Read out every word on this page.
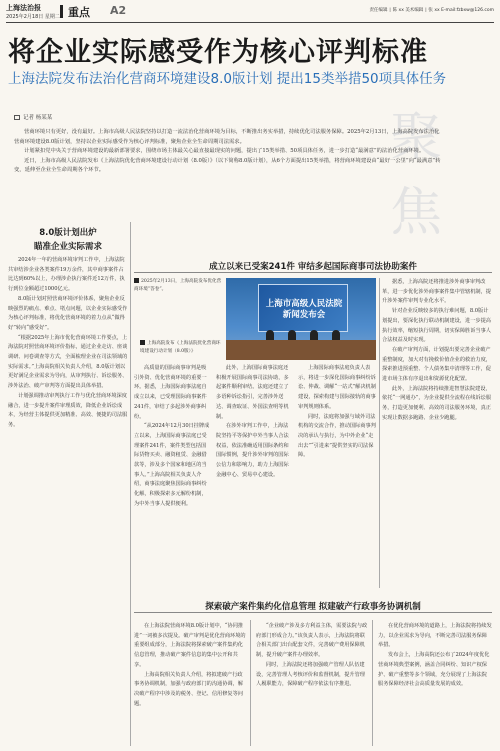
上海法治报
2025年2月18日 星期二 重点 A2	责任编辑 ∣ 陈 xx 美术编辑 ∣ 张 xx E-mail:fzbxw@126.com
将企业实际感受作为核心评判标准
上海法院发布法治化营商环境建设8.0版计划 提出15类举措50项具体任务
聚焦
记者 杨某某

营商环境只有更好，没有最好。上海市高级人民法院坚持以打造一流法治化营商环境为目标，不断推出务实举措，持续优化司法服务保障。2025年2月13日，上海高院发布法治化营商环境建设8.0版计划，坚持以企业实际感受作为核心评判标准，聚焦企业全生命周期司法需求。

计划紧扣党中央关于营商环境建设的最新部署要求，围绕市场主体最关心最直接最现实的问题，提出了15类举措、50项具体任务，进一步打造“最满意”的法治化营商环境。

近日，上海市高级人民法院发布《上海法院优化营商环境建设行动计划（8.0版）》（以下简称8.0版计划），从6个方面提出15类举措，将营商环境建设由“最好一公里”向“最满意”转变，延伸至企业全生命周期各个环节。

8.0版计划出炉
瞄准企业实际需求

2024年一年的营商环境审判工作中，上海法院共审结涉企业各类案件19万余件，其中商事案件占比达到60%以上，办理涉企执行案件近12万件，执行到位金额超过1000亿元。

8.0版计划对照营商环境评价体系，聚焦企业反映强烈的痛点、难点、堵点问题，以企业实际感受作为核心评判标准，将优化营商环境的着力点从“做得好”转向“感受好”。

“根据2025年上海市优化营商环境工作要点，上海法院对照营商环境评价指标，通过企业走访、座谈调研、问卷调查等方式，全面梳理企业在司法领域的实际需求。”上海高院相关负责人介绍，8.0版计划以更好满足企业需求为导向，从审判执行、诉讼服务、涉外法治、破产审判等方面提出具体举措。

计划强调推动审判执行工作与优化营商环境深度融合，进一步提升案件审理质效，降低企业诉讼成本，为经营主体提供更加精准、高效、便捷的司法服务。

成立以来已受案241件 审结多起国际商事司法协助案件
2025年2月13日，上海高院发布优化营商环境“答卷”。
上海市高级人民法院
新闻发布会
上海高院发布《上海法院优化营商环境建设行动计划（8.0版）》

据悉，上海高院还将推进涉外商事审判改革，进一步优化涉外商事案件集中管辖机制，提升涉外案件审判专业化水平。

针对企业反映较多的执行难问题，8.0版计划提出，要深化执行联动机制建设，进一步提高执行效率，缩短执行周期，切实保障胜诉当事人合法权益及时实现。

在破产审判方面，计划提出要完善企业破产重整制度，加大对有挽救价值企业的救治力度，探索推进预重整、个人债务集中清理等工作，促进市场主体有序退出和资源优化配置。

此外，上海法院将持续推进智慧法院建设，依托“一网通办”，为企业提供全流程在线诉讼服务，打造更加便利、高效的司法服务环境，真正实现让数据多跑路、企业少跑腿。

高质量的国际商事审判是吸引外资、优化营商环境的重要一环。据悉，上海国际商事法庭自成立以来，已受理国际商事案件241件，审结了多起涉外商事纠纷。

“从2024年12月30日挂牌成立以来，上海国际商事法庭已受理案件241件，案件类型包括国际货物买卖、融资租赁、金融借款等，涉及多个国家和地区的当事人。”上海高院相关负责人介绍，商事法庭聚焦国际商事纠纷化解，积极探索多元解纷机制，为中外当事人提供便利。

此外，上海国际商事法庭还积极开展国际商事司法协助，多起案件顺利审结。法庭还建立了多语种诉讼指引，完善涉外送达、调查取证、外国法查明等机制。

在涉外审判工作中，上海法院坚持平等保护中外当事人合法权益，依法准确适用国际条约和国际惯例，提升涉外审判的国际公信力和影响力，助力上海国际金融中心、贸易中心建设。

上海国际商事法庭负责人表示，将进一步深化国际商事纠纷诉讼、仲裁、调解“一站式”解决机制建设，探索构建与国际接轨的商事审判规则体系。

同时，法庭将加强与域外司法机构的交流合作，推动国际商事判决的承认与执行，为中外企业“走出去”“引进来”提供坚实的司法保障。

探索破产案件集约化信息管理 拟建破产行政事务协调机制

在上海法院营商环境8.0版计划中，“协同推进”一词被多次提及。破产审判是优化营商环境的重要组成部分，上海法院将探索破产案件集约化信息管理，推动破产案件信息的集中公开和共享。

上海高院相关负责人介绍，将拟建破产行政事务协调机制，加强与政府部门的沟通协调，解决破产程序中涉及的税务、登记、信用修复等问题。

“企业破产涉及多方利益主体，需要法院与政府部门形成合力。”该负责人表示，上海法院将联合相关部门出台配套文件，完善破产费用保障机制，提升破产案件办理效率。

同时，上海法院还将加强破产管理人队伍建设，完善管理人考核评价和监督机制，提升管理人履职能力，保障破产程序依法有序推进。

在优化营商环境的道路上，上海法院将持续发力，以企业需求为导向，不断完善司法服务保障举措。

发布会上，上海高院还公布了2024年度优化营商环境典型案例，涵盖合同纠纷、知识产权保护、破产重整等多个领域，充分展现了上海法院服务保障经济社会高质量发展的成效。
